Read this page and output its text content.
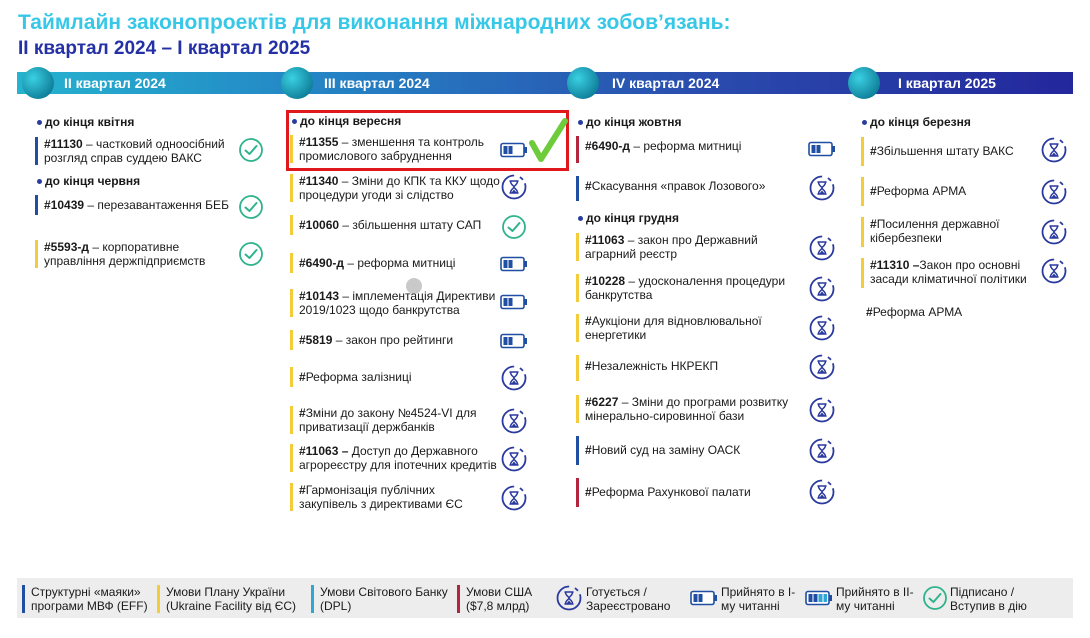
Таймлайн законопроектів для виконання міжнародних зобов’язань:
II квартал 2024 – I квартал 2025
II квартал 2024	III квартал 2024	IV квартал 2024	I квартал 2025
до кінця квітня
#11130 – частковий одноосібний розгляд справ суддею ВАКС
до кінця червня
#10439 – перезавантаження БЕБ
#5593-д – корпоративне управління держпідприємств
до кінця вересня
#11355 – зменшення та контроль промислового забруднення
#11340 – Зміни до КПК та ККУ щодо процедури угоди зі слідство
#10060 – збільшення штату САП
#6490-д – реформа митниці
#10143 – імплементація Директиви 2019/1023 щодо банкрутства
#5819 – закон про рейтинги
#Реформа залізниці
#Зміни до закону №4524-VI для приватизації держбанків
#11063 – Доступ до Державного агрореєстру для іпотечних кредитів
#Гармонізація публічних закупівель з директивами ЄС
до кінця жовтня
#6490-д – реформа митниці
#Скасування «правок Лозового»
до кінця грудня
#11063 – закон про Державний аграрний реєстр
#10228 – удосконалення процедури банкрутства
#Аукціони для відновлювальної енергетики
#Незалежність НКРЕКП
#6227 – Зміни до програми розвитку мінерально-сировинної бази
#Новий суд на заміну ОАСК
#Реформа Рахункової палати
до кінця березня
#Збільшення штату ВАКС
#Реформа АРМА
#Посилення державної кібербезпеки
#11310 –Закон про основні засади кліматичної політики
#Реформа АРМА
Структурні «маяки» програми МВФ (EFF)
Умови Плану України (Ukraine Facility від ЄС)
Умови Світового Банку (DPL)
Умови США ($7,8 млрд)
Готується / Зареєстровано
Прийнято в І-му читанні
Прийнято в ІІ-му читанні
Підписано / Вступив в дію
